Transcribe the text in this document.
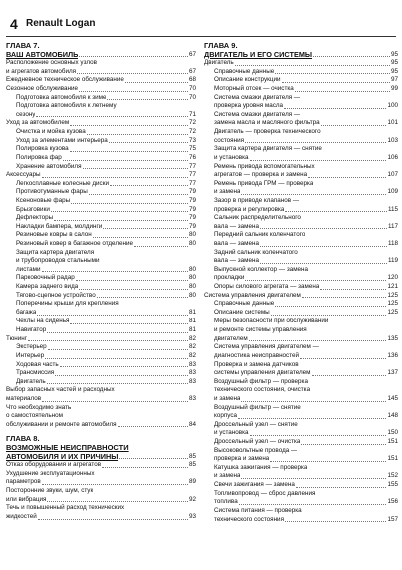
4 Renault Logan
ГЛАВА 7.
ВАШ АВТОМОБИЛЬ	67
Расположение основных узлов
и агрегатов автомобиля	67
Ежедневное техническое обслуживание	68
Сезонное обслуживание	70
Подготовка автомобиля к зиме	70
Подготовка автомобиля к летнему
сезону	71
Уход за автомобилем	72
Очистка и мойка кузова	72
Уход за элементами интерьера	73
Полировка кузова	75
Полировка фар	76
Хранение автомобиля	77
Аксессуары	77
Легкосплавные колесные диски	77
Противотуманные фары	79
Ксеноновые фары	79
Брызговики	79
Дефлекторы	79
Накладки бампера, молдинги	79
Резиновые ковры в салон	80
Резиновый ковер в багажное отделение	80
Защита картера двигателя
и трубопроводов стальными
листами	80
Парковочный радар	80
Камера заднего вида	80
Тягово-сцепное устройство	80
Поперечины крыши для крепления
багажа	81
Чехлы на сиденья	81
Навигатор	81
Тюнинг	82
Экстерьер	82
Интерьер	82
Ходовая часть	83
Трансмиссия	83
Двигатель	83
Выбор запасных частей и расходных
материалов	83
Что необходимо знать
о самостоятельном
обслуживании и ремонте автомобиля	84
ГЛАВА 8.
ВОЗМОЖНЫЕ НЕИСПРАВНОСТИ
АВТОМОБИЛЯ И ИХ ПРИЧИНЫ	85
Отказ оборудования и агрегатов	85
Ухудшение эксплуатационных
параметров	89
Посторонние звуки, шум, стук
или вибрация	92
Течь и повышенный расход технических
жидкостей	93
ГЛАВА 9.
ДВИГАТЕЛЬ И ЕГО СИСТЕМЫ	95
Двигатель	95
Справочные данные	95
Описание конструкции	97
Моторный отсек — очистка	99
Система смазки двигателя —
проверка уровня масла	100
Система смазки двигателя —
замена масла и масляного фильтра	101
Двигатель — проверка технического
состояния	103
Защита картера двигателя — снятие
и установка	106
Ремень привода вспомогательных
агрегатов — проверка и замена	107
Ремень привода ГРМ — проверка
и замена	109
Зазор в приводе клапанов —
проверка и регулировка	115
Сальник распределительного
вала — замена	117
Передний сальник коленчатого
вала — замена	118
Задний сальник коленчатого
вала — замена	119
Выпускной коллектор — замена
прокладки	120
Опоры силового агрегата — замена	121
Система управления двигателем	125
Справочные данные	125
Описание системы	125
Меры безопасности при обслуживании
и ремонте системы управления
двигателем	135
Система управления двигателем —
диагностика неисправностей	136
Проверка и замена датчиков
системы управления двигателем	137
Воздушный фильтр — проверка
технического состояния, очистка
и замена	145
Воздушный фильтр — снятие
корпуса	148
Дроссельный узел — снятие
и установка	150
Дроссельный узел — очистка	151
Высоковольтные провода —
проверка и замена	151
Катушка зажигания — проверка
и замена	152
Свечи зажигания — замена	155
Топливопровод — сброс давления
топлива	156
Система питания — проверка
технического состояния	157
